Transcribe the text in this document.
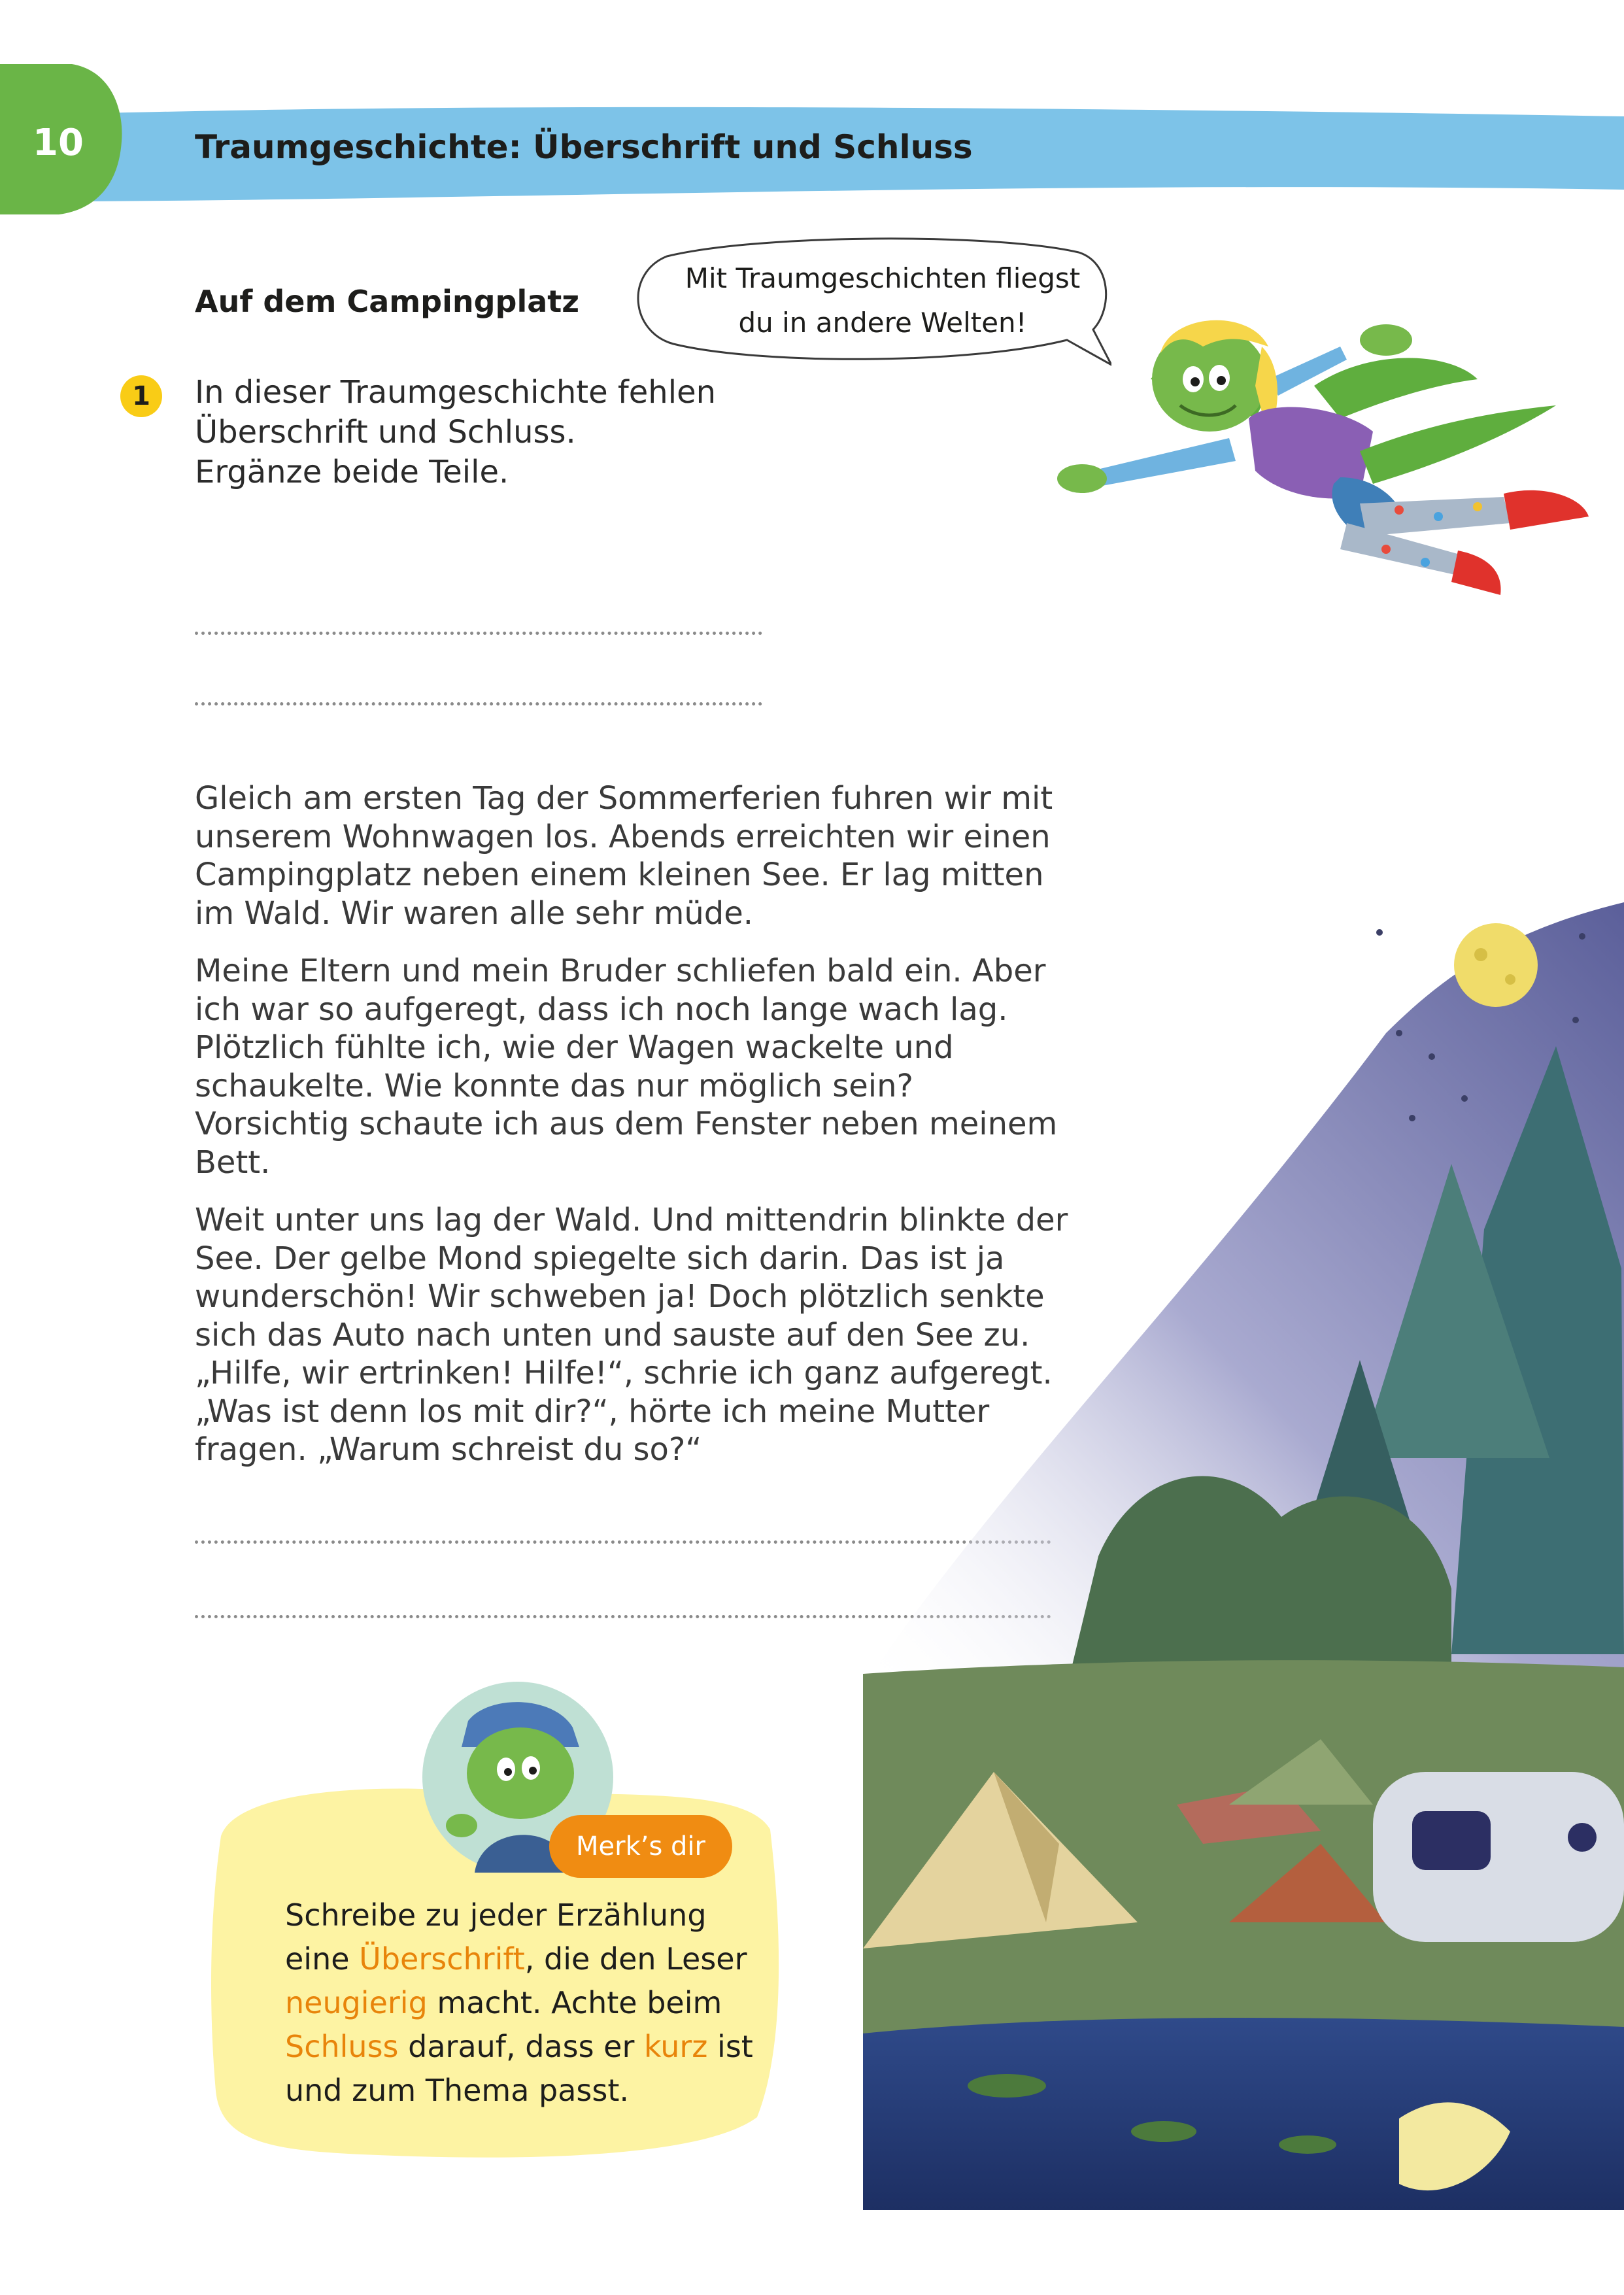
10	Traumgeschichte: Überschrift und Schluss
Auf dem Campingplatz
Mit Traumgeschichten fliegst
du in andere Welten!
1	In dieser Traumgeschichte fehlen

Überschrift und Schluss.

Ergänze beide Teile.

Gleich am ersten Tag der Sommerferien fuhren wir mit unserem Wohnwagen los. Abends erreichten wir einen Campingplatz neben einem kleinen See. Er lag mitten im Wald. Wir waren alle sehr müde.

Meine Eltern und mein Bruder schliefen bald ein. Aber ich war so aufgeregt, dass ich noch lange wach lag. Plötzlich fühlte ich, wie der Wagen wackelte und schaukelte. Wie konnte das nur möglich sein? Vorsichtig schaute ich aus dem Fenster neben meinem Bett.

Weit unter uns lag der Wald. Und mittendrin blinkte der See. Der gelbe Mond spiegelte sich darin. Das ist ja wunderschön! Wir schweben ja! Doch plötzlich senkte sich das Auto nach unten und sauste auf den See zu. „Hilfe, wir ertrinken! Hilfe!“, schrie ich ganz aufgeregt. „Was ist denn los mit dir?“, hörte ich meine Mutter fragen. „Warum schreist du so?“

Merk’s dir
Schreibe zu jeder Erzählung eine Überschrift, die den Leser neugierig macht. Achte beim Schluss darauf, dass er kurz ist und zum Thema passt.
